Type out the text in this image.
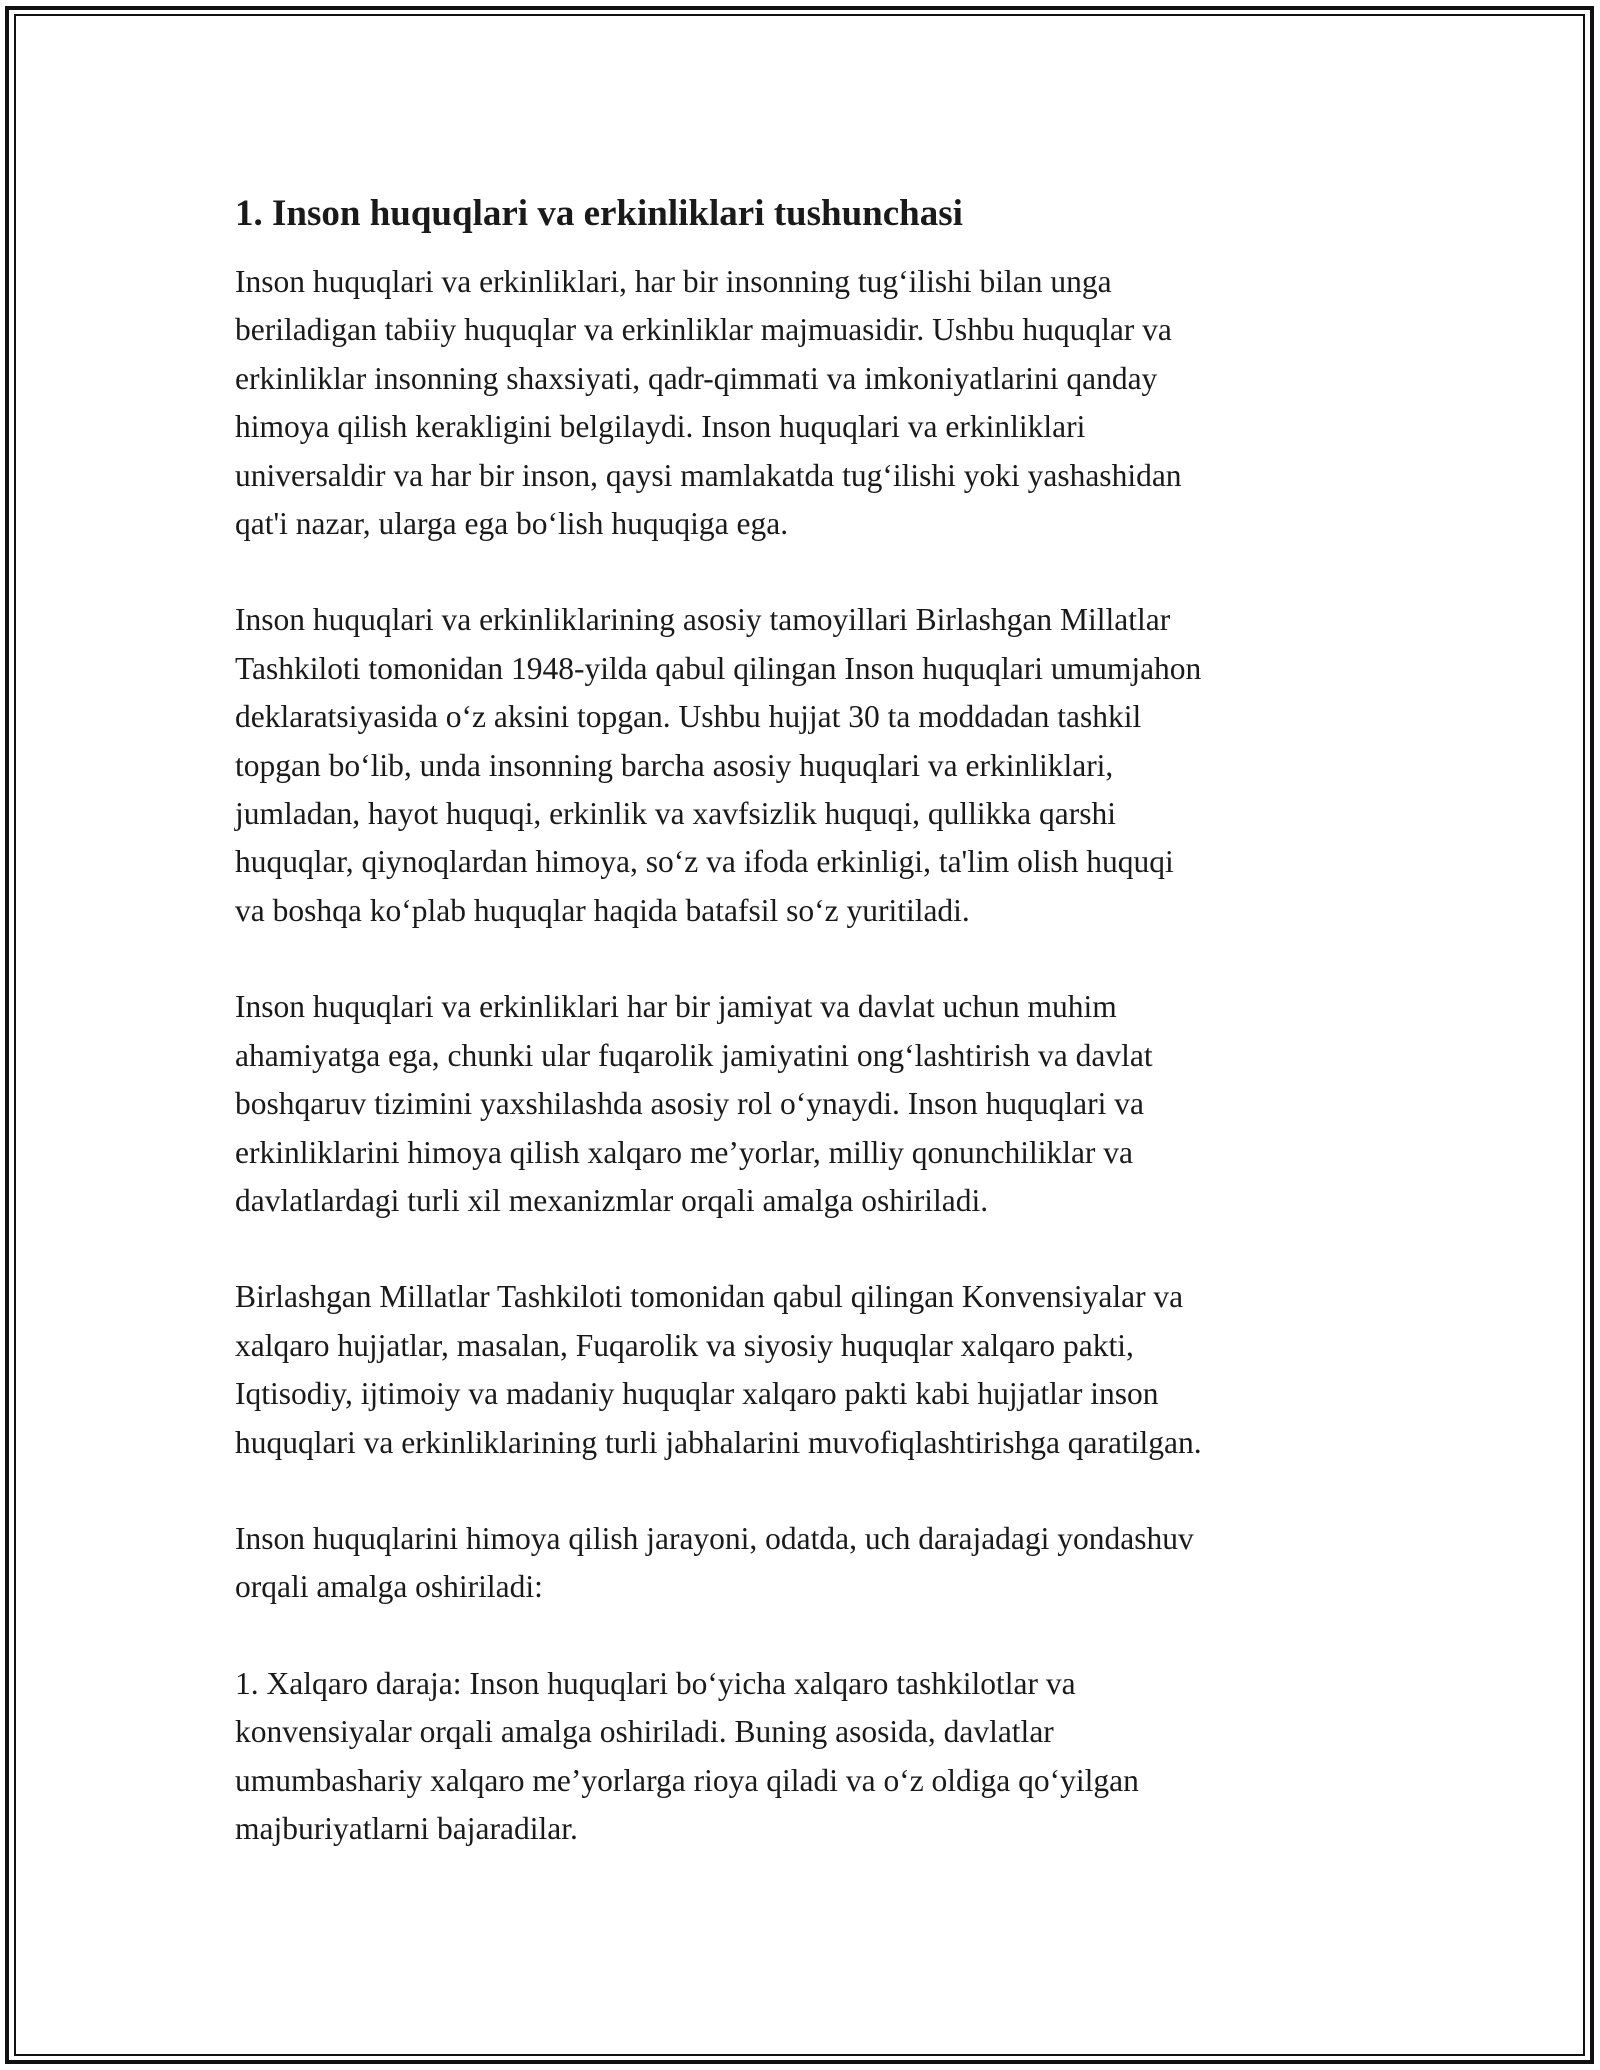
1. Inson huquqlari va erkinliklari tushunchasi

Inson huquqlari va erkinliklari, har bir insonning tug‘ilishi bilan unga
beriladigan tabiiy huquqlar va erkinliklar majmuasidir. Ushbu huquqlar va
erkinliklar insonning shaxsiyati, qadr-qimmati va imkoniyatlarini qanday
himoya qilish kerakligini belgilaydi. Inson huquqlari va erkinliklari
universaldir va har bir inson, qaysi mamlakatda tug‘ilishi yoki yashashidan
qat'i nazar, ularga ega bo‘lish huquqiga ega.

Inson huquqlari va erkinliklarining asosiy tamoyillari Birlashgan Millatlar
Tashkiloti tomonidan 1948-yilda qabul qilingan Inson huquqlari umumjahon
deklaratsiyasida o‘z aksini topgan. Ushbu hujjat 30 ta moddadan tashkil
topgan bo‘lib, unda insonning barcha asosiy huquqlari va erkinliklari,
jumladan, hayot huquqi, erkinlik va xavfsizlik huquqi, qullikka qarshi
huquqlar, qiynoqlardan himoya, so‘z va ifoda erkinligi, ta'lim olish huquqi
va boshqa ko‘plab huquqlar haqida batafsil so‘z yuritiladi.

Inson huquqlari va erkinliklari har bir jamiyat va davlat uchun muhim
ahamiyatga ega, chunki ular fuqarolik jamiyatini ong‘lashtirish va davlat
boshqaruv tizimini yaxshilashda asosiy rol o‘ynaydi. Inson huquqlari va
erkinliklarini himoya qilish xalqaro me’yorlar, milliy qonunchiliklar va
davlatlardagi turli xil mexanizmlar orqali amalga oshiriladi.

Birlashgan Millatlar Tashkiloti tomonidan qabul qilingan Konvensiyalar va
xalqaro hujjatlar, masalan, Fuqarolik va siyosiy huquqlar xalqaro pakti,
Iqtisodiy, ijtimoiy va madaniy huquqlar xalqaro pakti kabi hujjatlar inson
huquqlari va erkinliklarining turli jabhalarini muvofiqlashtirishga qaratilgan.

Inson huquqlarini himoya qilish jarayoni, odatda, uch darajadagi yondashuv
orqali amalga oshiriladi:

1. Xalqaro daraja: Inson huquqlari bo‘yicha xalqaro tashkilotlar va
konvensiyalar orqali amalga oshiriladi. Buning asosida, davlatlar
umumbashariy xalqaro me’yorlarga rioya qiladi va o‘z oldiga qo‘yilgan
majburiyatlarni bajaradilar.
